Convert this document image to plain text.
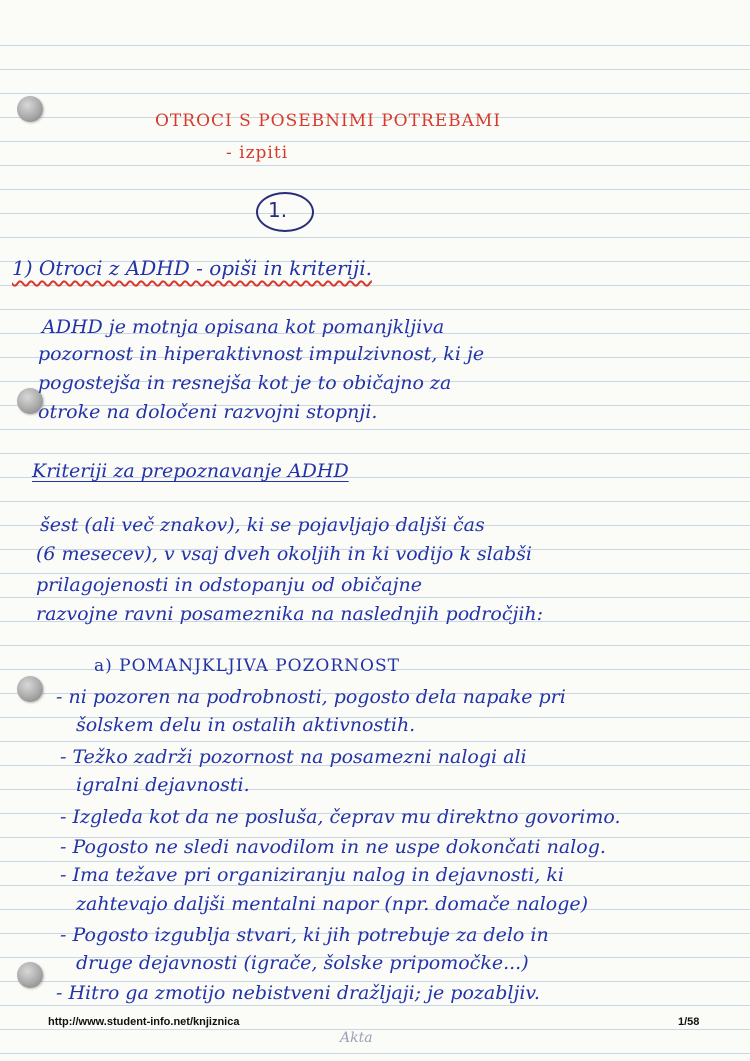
OTROCI S POSEBNIMI POTREBAMI
- izpiti
1.
1) Otroci z ADHD - opiši in kriteriji.
ADHD je motnja opisana kot pomanjkljiva
pozornost in hiperaktivnost impulzivnost, ki je
pogostejša in resnejša kot je to običajno za
otroke na določeni razvojni stopnji.
Kriteriji za prepoznavanje ADHD
šest (ali več znakov), ki se pojavljajo daljši čas
(6 mesecev), v vsaj dveh okoljih in ki vodijo k slabši
prilagojenosti in odstopanju od običajne
razvojne ravni posameznika na naslednjih področjih:
a) POMANJKLJIVA POZORNOST
- ni pozoren na podrobnosti, pogosto dela napake pri
šolskem delu in ostalih aktivnostih.
- Težko zadrži pozornost na posamezni nalogi ali
igralni dejavnosti.
- Izgleda kot da ne posluša, čeprav mu direktno govorimo.
- Pogosto ne sledi navodilom in ne uspe dokončati nalog.
- Ima težave pri organiziranju nalog in dejavnosti, ki
zahtevajo daljši mentalni napor (npr. domače naloge)
- Pogosto izgublja stvari, ki jih potrebuje za delo in
druge dejavnosti (igrače, šolske pripomočke...)
- Hitro ga zmotijo nebistveni dražljaji; je pozabljiv.
http://www.student-info.net/knjiznica	1/58
Akta
